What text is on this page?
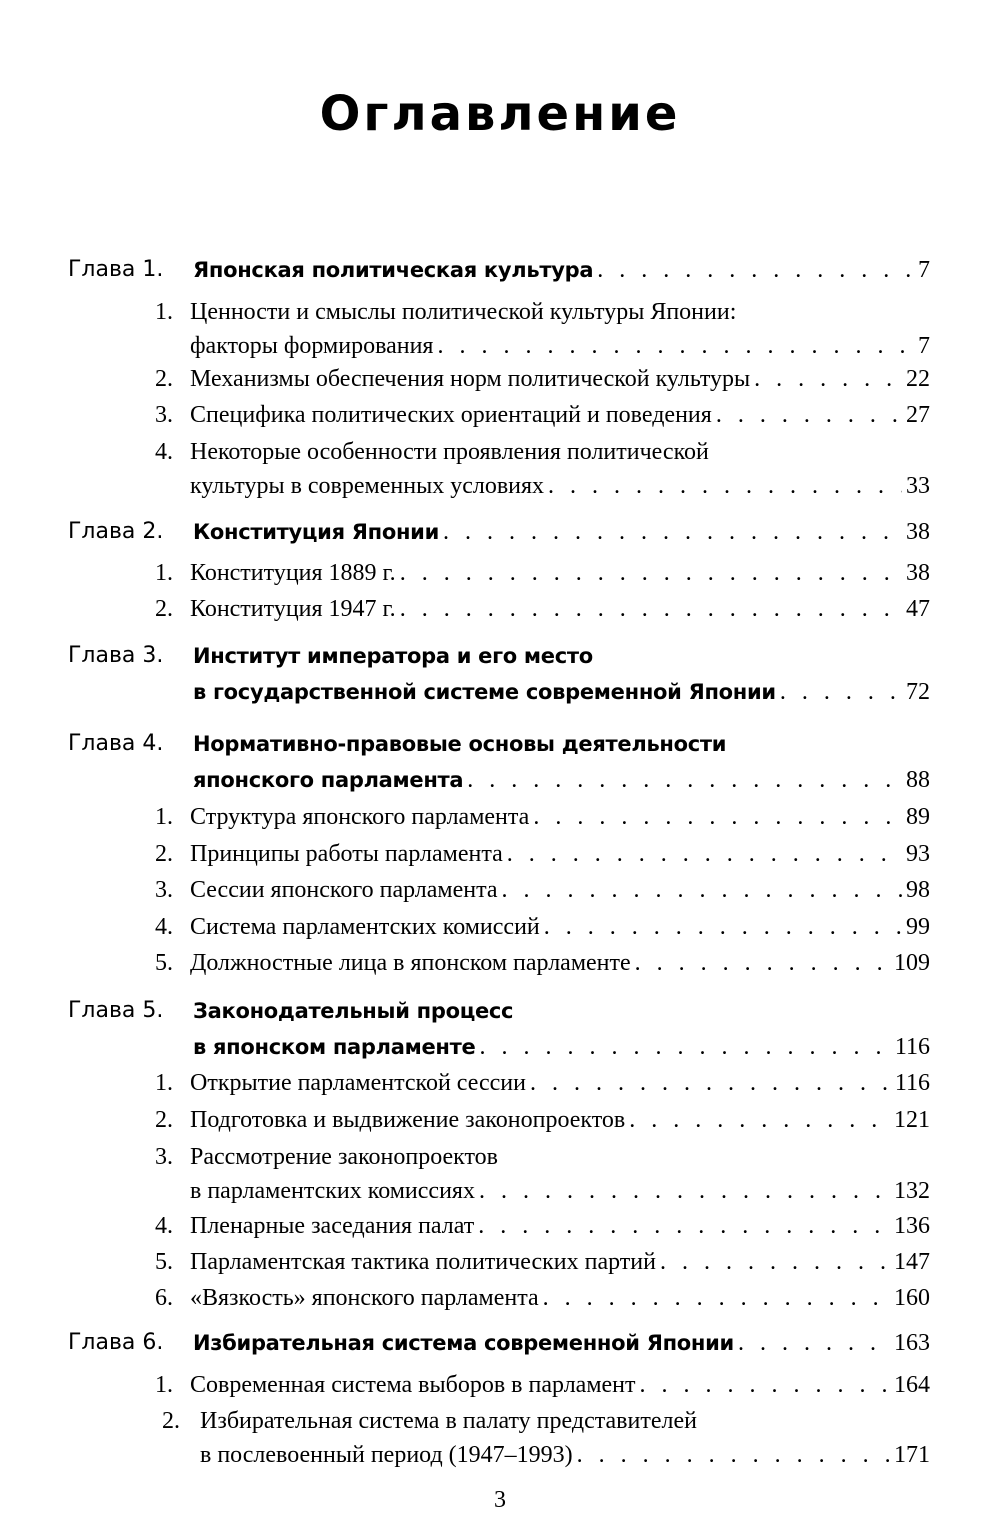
Оглавление
Глава 1. Японская политическая культура . . .	7
1. Ценности и смыслы политической культуры Японии:
факторы формирования . . .	7
2. Механизмы обеспечения норм политической культуры . . .	22
3. Специфика политических ориентаций и поведения . . .	27
4. Некоторые особенности проявления политической
культуры в современных условиях . . .	33
Глава 2. Конституция Японии . . .	38
1. Конституция 1889 г. . . .	38
2. Конституция 1947 г. . . .	47
Глава 3. Институт императора и его место
в государственной системе современной Японии . . .	72
Глава 4. Нормативно-правовые основы деятельности
японского парламента . . .	88
1. Структура японского парламента . . .	89
2. Принципы работы парламента . . .	93
3. Сессии японского парламента . . .	98
4. Система парламентских комиссий . . .	99
5. Должностные лица в японском парламенте . . .	109
Глава 5. Законодательный процесс
в японском парламенте . . .	116
1. Открытие парламентской сессии . . .	116
2. Подготовка и выдвижение законопроектов . . .	121
3. Рассмотрение законопроектов
в парламентских комиссиях . . .	132
4. Пленарные заседания палат . . .	136
5. Парламентская тактика политических партий . . .	147
6. «Вязкость» японского парламента . . .	160
Глава 6. Избирательная система современной Японии . . .	163
1. Современная система выборов в парламент . . .	164
2. Избирательная система в палату представителей
в послевоенный период (1947–1993) . . .	171
3
